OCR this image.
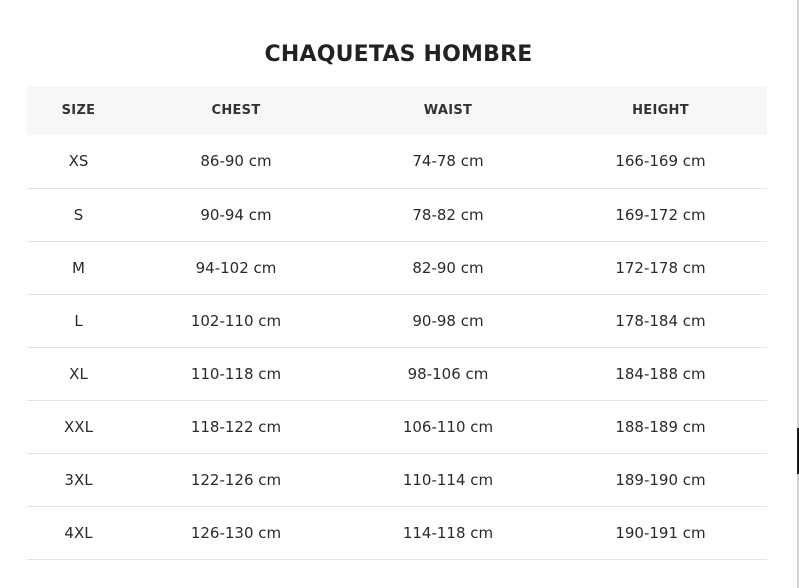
CHAQUETAS HOMBRE
SIZE	CHEST	WAIST	HEIGHT
XS	86-90 cm	74-78 cm	166-169 cm
S	90-94 cm	78-82 cm	169-172 cm
M	94-102 cm	82-90 cm	172-178 cm
L	102-110 cm	90-98 cm	178-184 cm
XL	110-118 cm	98-106 cm	184-188 cm
XXL	118-122 cm	106-110 cm	188-189 cm
3XL	122-126 cm	110-114 cm	189-190 cm
4XL	126-130 cm	114-118 cm	190-191 cm
